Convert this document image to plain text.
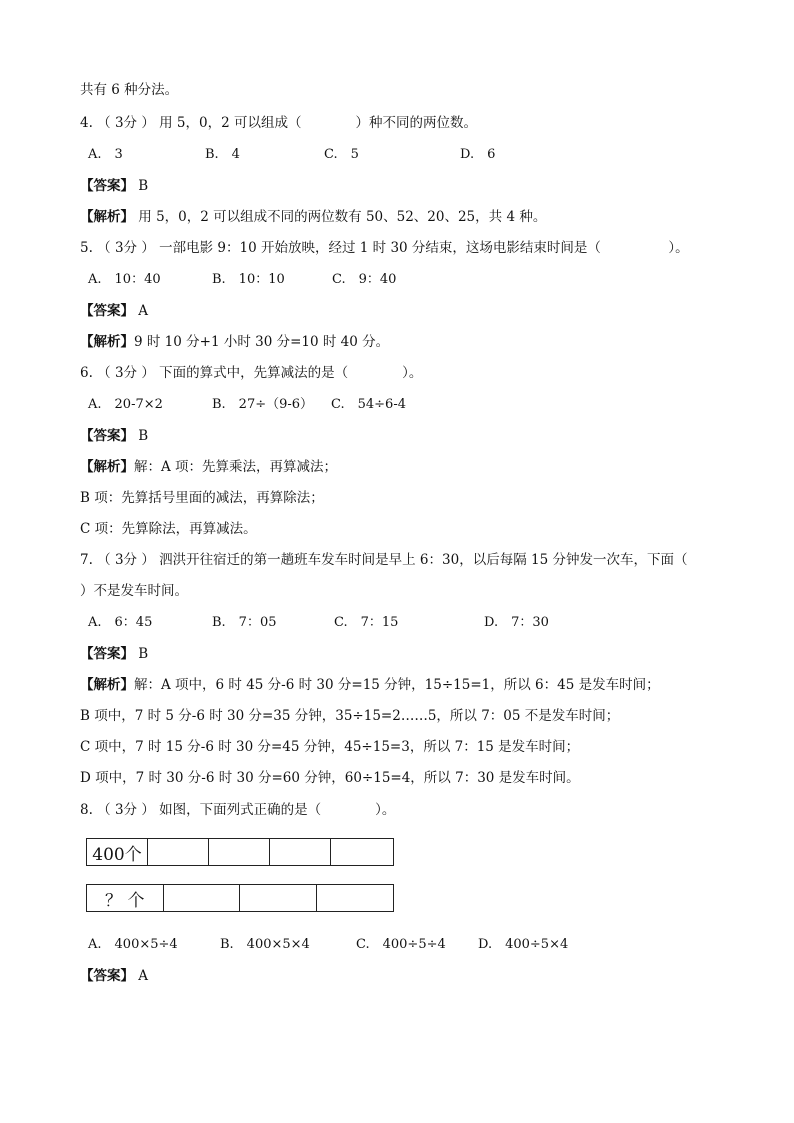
共有 6 种分法。
4. （ 3分 ） 用 5，0，2 可以组成（　　　　）种不同的两位数。
A.　3	B.　4	C.　5	D.　6
【答案】 B
【解析】 用 5，0，2 可以组成不同的两位数有 50、52、20、25，共 4 种。
5. （ 3分 ） 一部电影 9：10 开始放映，经过 1 时 30 分结束，这场电影结束时间是（　　　　　）。
A.　10：40	B.　10：10	C.　9：40
【答案】 A
【解析】9 时 10 分+1 小时 30 分=10 时 40 分。
6. （ 3分 ） 下面的算式中，先算减法的是（　　　　）。
A.　20-7×2	B.　27÷（9-6） C.　54÷6-4
【答案】 B
【解析】解：A 项：先算乘法，再算减法；
B 项：先算括号里面的减法，再算除法；
C 项：先算除法，再算减法。
7. （ 3分 ） 泗洪开往宿迁的第一趟班车发车时间是早上 6：30，以后每隔 15 分钟发一次车，下面（
）不是发车时间。
A.　6：45	B.　7：05	C.　7：15	D.　7：30
【答案】 B
【解析】解：A 项中，6 时 45 分-6 时 30 分=15 分钟，15÷15=1，所以 6：45 是发车时间；
B 项中，7 时 5 分-6 时 30 分=35 分钟，35÷15=2……5，所以 7：05 不是发车时间；
C 项中，7 时 15 分-6 时 30 分=45 分钟，45÷15=3，所以 7：15 是发车时间；
D 项中，7 时 30 分-6 时 30 分=60 分钟，60÷15=4，所以 7：30 是发车时间。
8. （ 3分 ） 如图，下面列式正确的是（　　　　）。
400个
？ 个
A.　400×5÷4	B.　400×5×4	C.　400÷5÷4 D.　400÷5×4
【答案】 A
